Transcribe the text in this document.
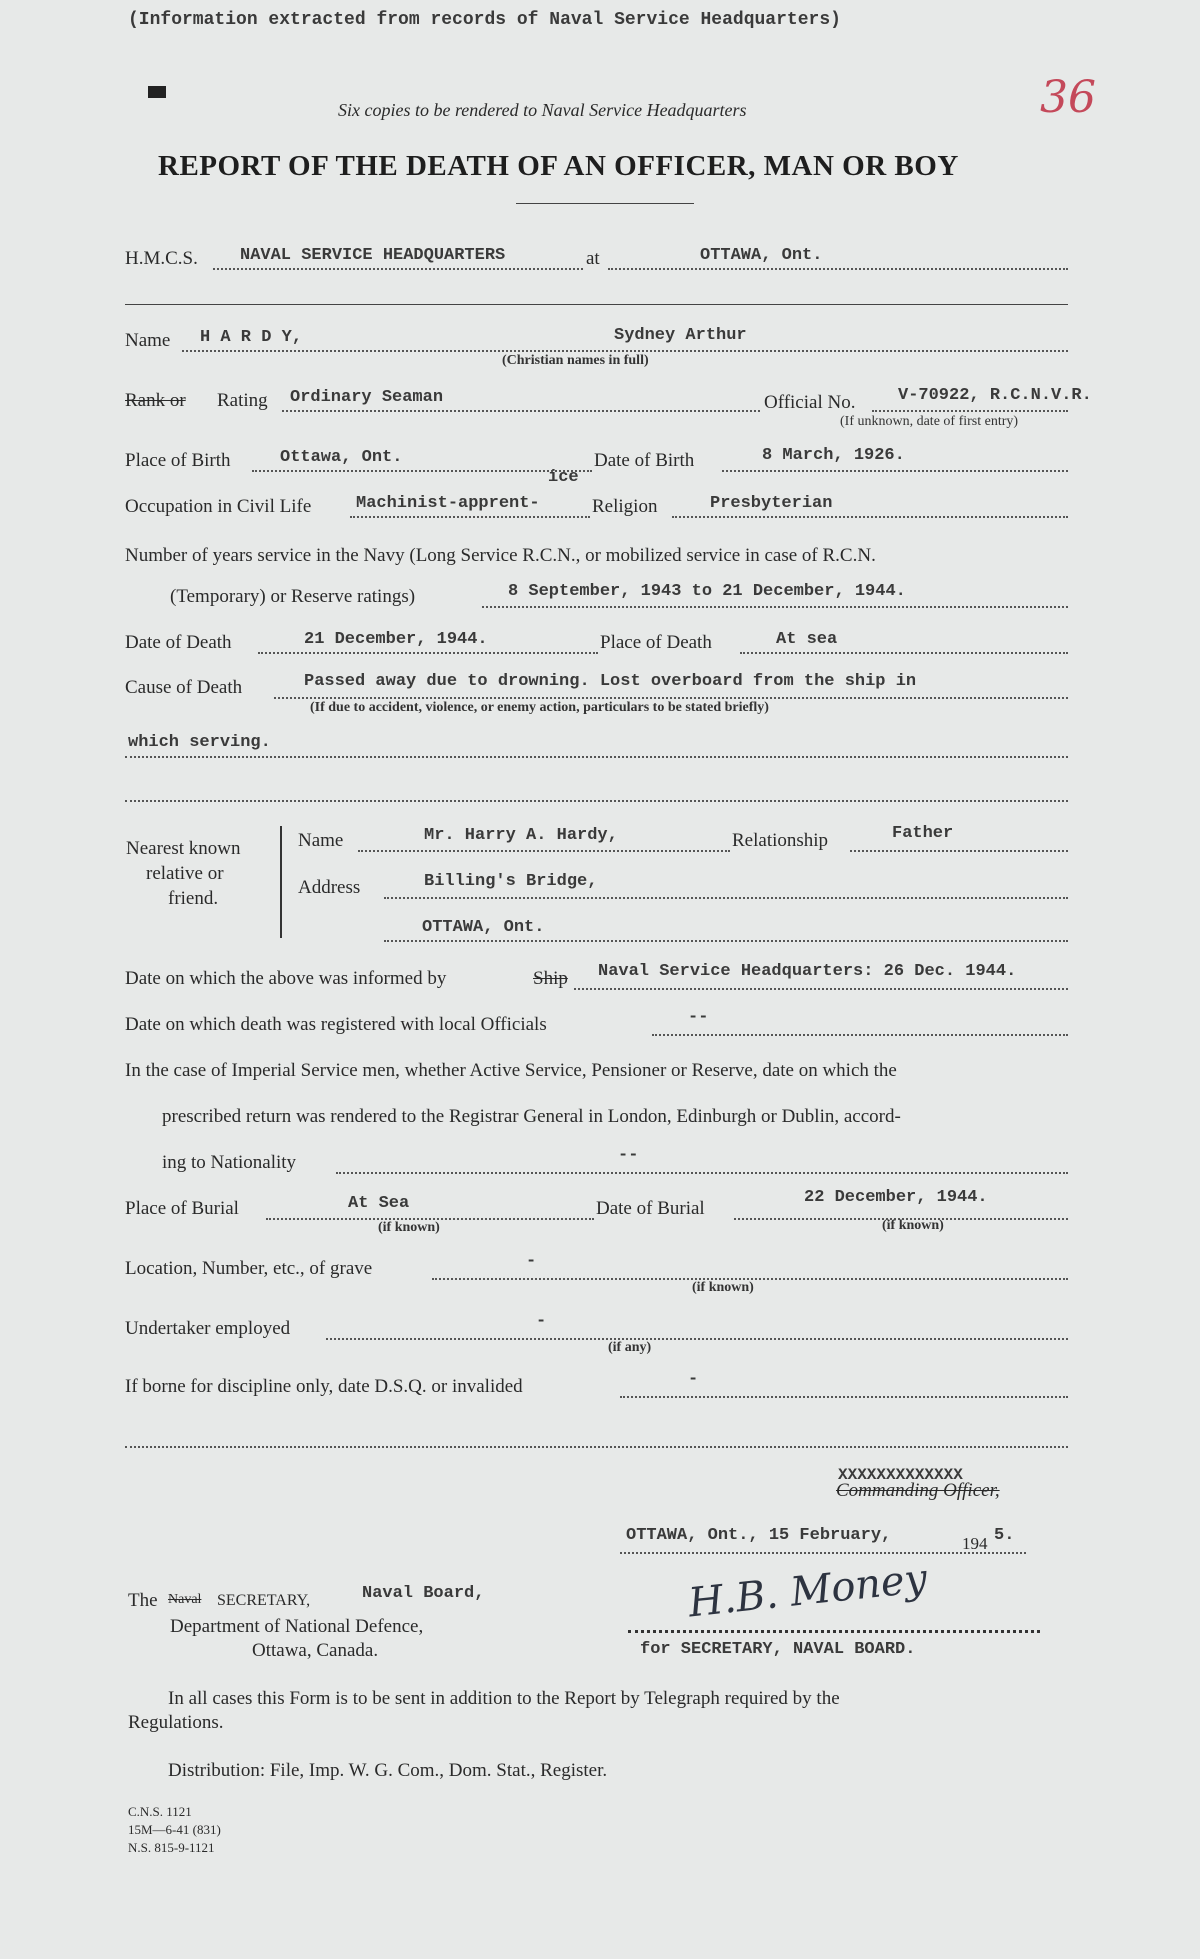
(Information extracted from records of Naval Service Headquarters)
36
Six copies to be rendered to Naval Service Headquarters
REPORT OF THE DEATH OF AN OFFICER, MAN OR BOY
H.M.C.S. NAVAL SERVICE HEADQUARTERS	at	OTTAWA, Ont.
Name H A R D Y,	Sydney Arthur
(Christian names in full)
Rank or Rating Ordinary Seaman	Official No.	V-70922, R.C.N.V.R.
(If unknown, date of first entry)
Place of Birth	Ottawa, Ont.	Date of Birth	8 March, 1926.
ice
Occupation in Civil Life	Machinist-apprent-	Religion	Presbyterian
Number of years service in the Navy (Long Service R.C.N., or mobilized service in case of R.C.N.
(Temporary) or Reserve ratings)	8 September, 1943 to 21 December, 1944.
Date of Death	21 December, 1944.	Place of Death	At sea
Cause of Death	Passed away due to drowning. Lost overboard from the ship in
(If due to accident, violence, or enemy action, particulars to be stated briefly)
which serving.
Nearest known
relative or
friend.
Name	Mr. Harry A. Hardy,	Relationship	Father
Address	Billing's Bridge,
OTTAWA, Ont.
Date on which the above was informed by	Ship Naval Service Headquarters: 26 Dec. 1944.
Date on which death was registered with local Officials	--
In the case of Imperial Service men, whether Active Service, Pensioner or Reserve, date on which the
prescribed return was rendered to the Registrar General in London, Edinburgh or Dublin, accord-
ing to Nationality	--
Place of Burial	At Sea
(if known)
Date of Burial
22 December, 1944.
(if known)
Location, Number, etc., of grave	-
(if known)
Undertaker employed	-
(if any)
If borne for discipline only, date D.S.Q. or invalided	-
XXXXXXXXXXXXX
Commanding Officer,
OTTAWA, Ont., 15 February,	194 5.
H.B. Money
for SECRETARY, NAVAL BOARD.
The Naval SECRETARY,	Naval Board,
Department of National Defence,
Ottawa, Canada.
In all cases this Form is to be sent in addition to the Report by Telegraph required by the
Regulations.
Distribution: File, Imp. W. G. Com., Dom. Stat., Register.
C.N.S. 1121
15M—6-41 (831)
N.S. 815-9-1121
